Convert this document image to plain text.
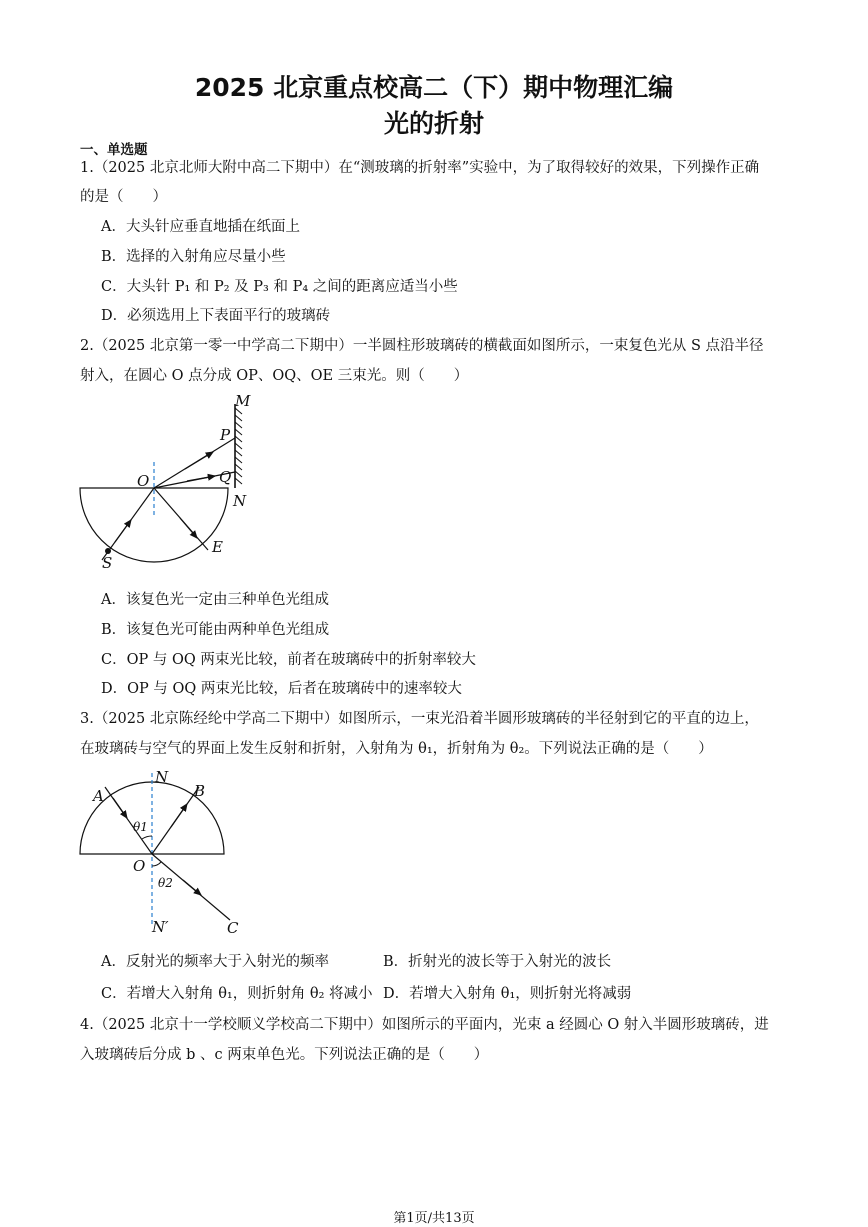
2025 北京重点校高二（下）期中物理汇编
光的折射
一、单选题
1.（2025 北京北师大附中高二下期中）在“测玻璃的折射率”实验中，为了取得较好的效果，下列操作正确
的是（　　）
A．大头针应垂直地插在纸面上
B．选择的入射角应尽量小些
C．大头针 P₁ 和 P₂ 及 P₃ 和 P₄ 之间的距离应适当小些
D．必须选用上下表面平行的玻璃砖
2.（2025 北京第一零一中学高二下期中）一半圆柱形玻璃砖的横截面如图所示，一束复色光从 S 点沿半径
射入，在圆心 O 点分成 OP、OQ、OE 三束光。则（　　）
M
P
O	Q
N
S
E
A．该复色光一定由三种单色光组成
B．该复色光可能由两种单色光组成
C．OP 与 OQ 两束光比较，前者在玻璃砖中的折射率较大
D．OP 与 OQ 两束光比较，后者在玻璃砖中的速率较大
3.（2025 北京陈经纶中学高二下期中）如图所示，一束光沿着半圆形玻璃砖的半径射到它的平直的边上，
在玻璃砖与空气的界面上发生反射和折射，入射角为 θ₁，折射角为 θ₂。下列说法正确的是（　　）
N
A	B
θ1
O
θ2
N′	C
A．反射光的频率大于入射光的频率	B．折射光的波长等于入射光的波长
C．若增大入射角 θ₁，则折射角 θ₂ 将减小 D．若增大入射角 θ₁，则折射光将减弱
4.（2025 北京十一学校顺义学校高二下期中）如图所示的平面内，光束 a 经圆心 O 射入半圆形玻璃砖，进
入玻璃砖后分成 b 、c 两束单色光。下列说法正确的是（　　）
第1页/共13页
